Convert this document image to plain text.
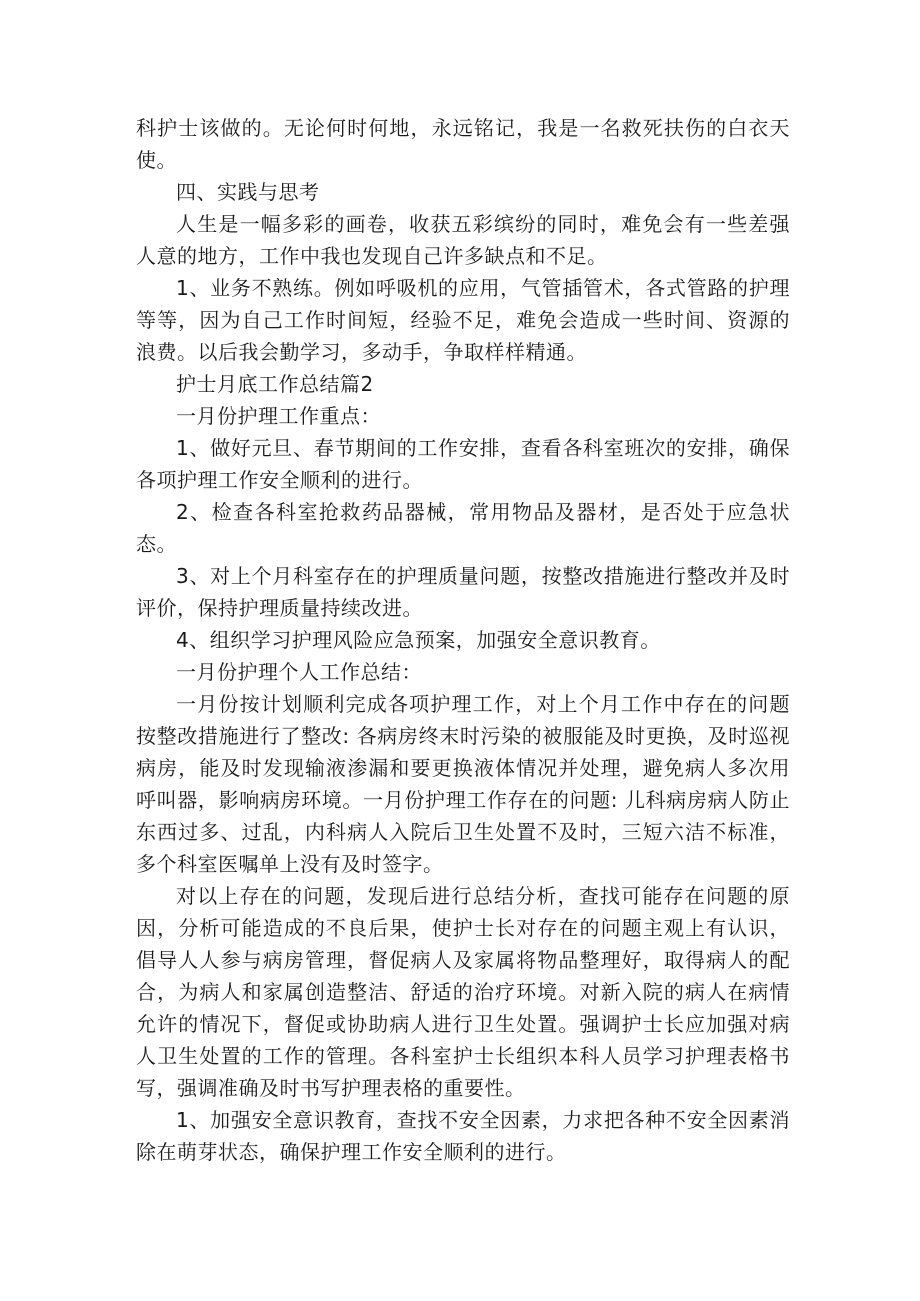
科护士该做的。无论何时何地，永远铭记，我是一名救死扶伤的白衣天使。

四、实践与思考

人生是一幅多彩的画卷，收获五彩缤纷的同时，难免会有一些差强人意的地方，工作中我也发现自己许多缺点和不足。

1、业务不熟练。例如呼吸机的应用，气管插管术，各式管路的护理等等，因为自己工作时间短，经验不足，难免会造成一些时间、资源的浪费。以后我会勤学习，多动手，争取样样精通。

护士月底工作总结篇2

一月份护理工作重点：

1、做好元旦、春节期间的工作安排，查看各科室班次的安排，确保各项护理工作安全顺利的进行。

2、检查各科室抢救药品器械，常用物品及器材，是否处于应急状态。

3、对上个月科室存在的护理质量问题，按整改措施进行整改并及时评价，保持护理质量持续改进。

4、组织学习护理风险应急预案，加强安全意识教育。

一月份护理个人工作总结：

一月份按计划顺利完成各项护理工作，对上个月工作中存在的问题按整改措施进行了整改: 各病房终末时污染的被服能及时更换，及时巡视病房，能及时发现输液渗漏和要更换液体情况并处理，避免病人多次用呼叫器，影响病房环境。一月份护理工作存在的问题: 儿科病房病人防止东西过多、过乱，内科病人入院后卫生处置不及时，三短六洁不标准，多个科室医嘱单上没有及时签字。

对以上存在的问题，发现后进行总结分析，查找可能存在问题的原因，分析可能造成的不良后果，使护士长对存在的问题主观上有认识，倡导人人参与病房管理，督促病人及家属将物品整理好，取得病人的配合，为病人和家属创造整洁、舒适的治疗环境。对新入院的病人在病情允许的情况下，督促或协助病人进行卫生处置。强调护士长应加强对病人卫生处置的工作的管理。各科室护士长组织本科人员学习护理表格书写，强调准确及时书写护理表格的重要性。

1、加强安全意识教育，查找不安全因素，力求把各种不安全因素消除在萌芽状态，确保护理工作安全顺利的进行。
